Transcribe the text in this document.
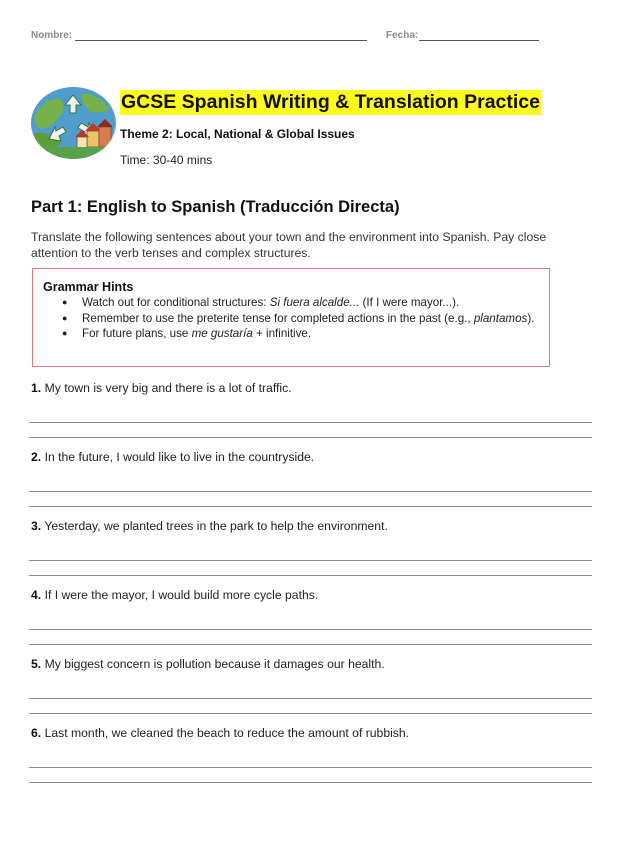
Nombre:	Fecha:
GCSE Spanish Writing & Translation Practice
Theme 2: Local, National & Global Issues
Time: 30-40 mins
Part 1: English to Spanish (Traducción Directa)
Translate the following sentences about your town and the environment into Spanish. Pay close attention to the verb tenses and complex structures.
Grammar Hints
● Watch out for conditional structures: Si fuera alcalde... (If I were mayor...).
● Remember to use the preterite tense for completed actions in the past (e.g., plantamos).
● For future plans, use me gustaría + infinitive.
1. My town is very big and there is a lot of traffic.
2. In the future, I would like to live in the countryside.
3. Yesterday, we planted trees in the park to help the environment.
4. If I were the mayor, I would build more cycle paths.
5. My biggest concern is pollution because it damages our health.
6. Last month, we cleaned the beach to reduce the amount of rubbish.
